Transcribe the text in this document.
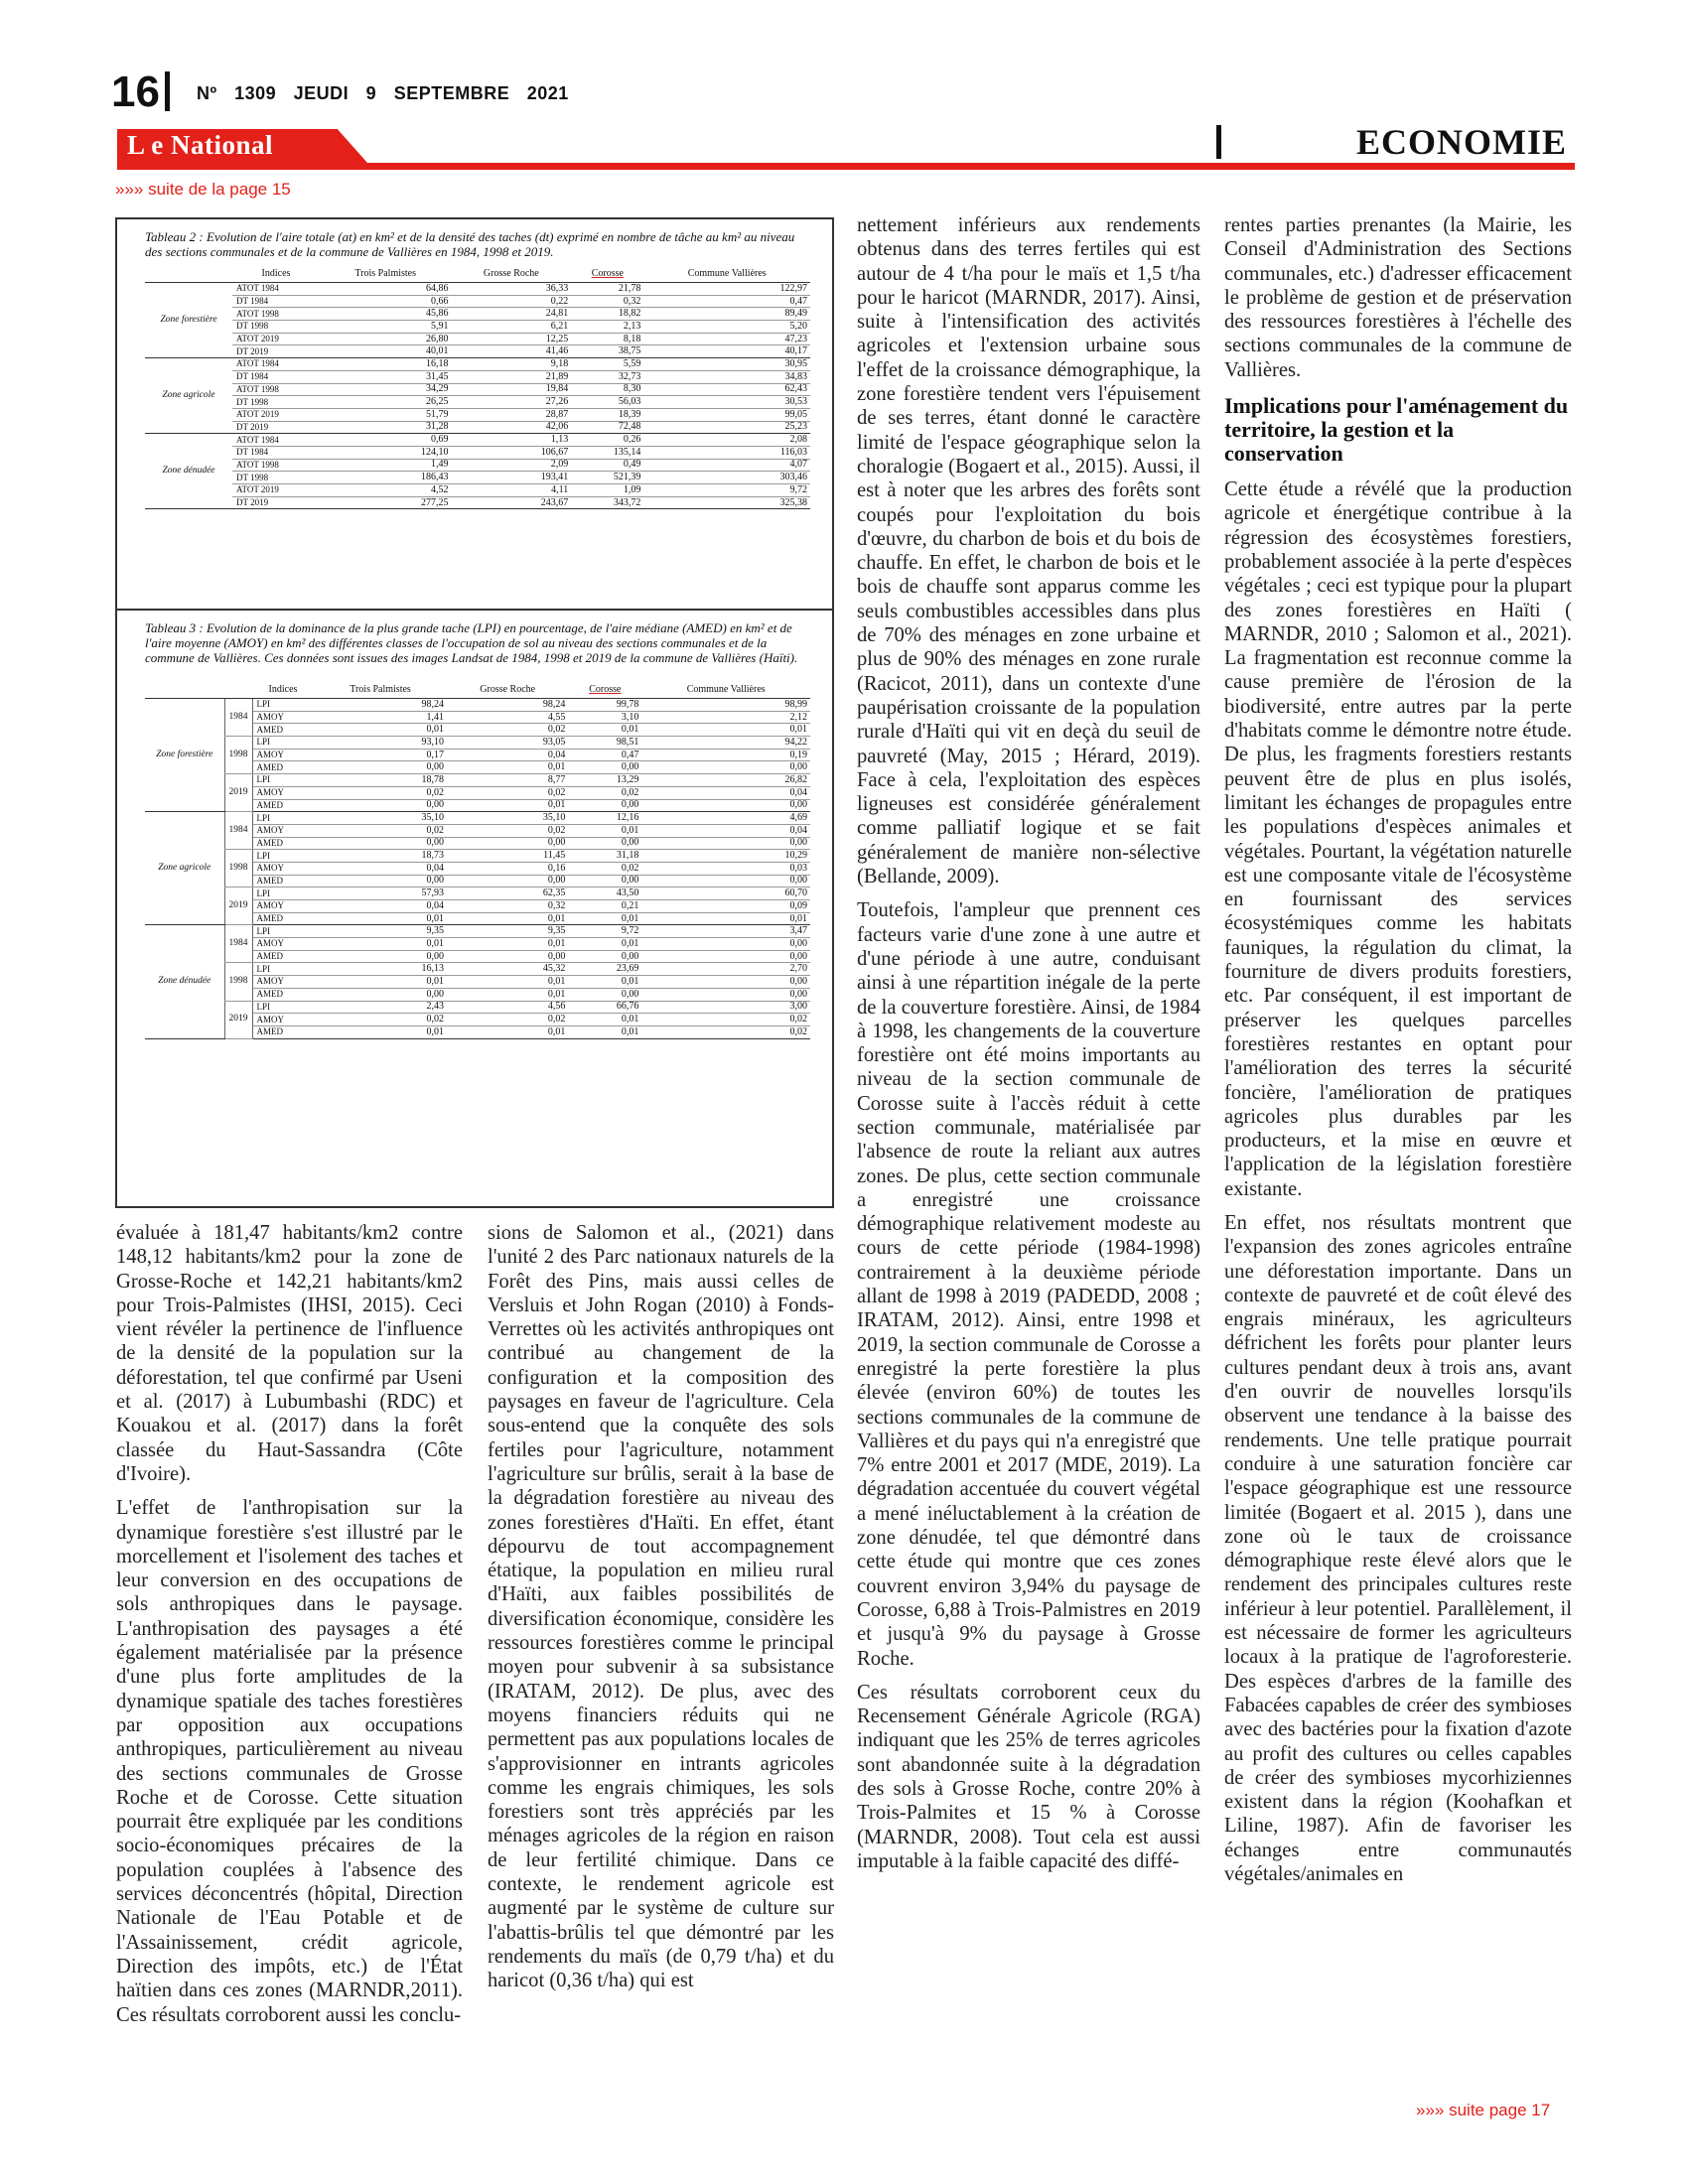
16 Nº 1309 JEUDI 9 SEPTEMBRE 2021
L e National	ECONOMIE
»»» suite de la page 15
Tableau 2 : Evolution de l'aire totale (at) en km² et de la densité des taches (dt) exprimé en nombre de tâche au km² au niveau des sections communales et de la commune de Vallières en 1984, 1998 et 2019.
	Indices	Trois Palmistes	Grosse Roche	Corosse	Commune Vallières
Zone forestière	ATOT 1984	64,86	36,33	21,78	122,97
	DT 1984	0,66	0,22	0,32	0,47
	ATOT 1998	45,86	24,81	18,82	89,49
	DT 1998	5,91	6,21	2,13	5,20
	ATOT 2019	26,80	12,25	8,18	47,23
	DT 2019	40,01	41,46	38,75	40,17
Zone agricole	ATOT 1984	16,18	9,18	5,59	30,95
	DT 1984	31,45	21,89	32,73	34,83
	ATOT 1998	34,29	19,84	8,30	62,43
	DT 1998	26,25	27,26	56,03	30,53
	ATOT 2019	51,79	28,87	18,39	99,05
	DT 2019	31,28	42,06	72,48	25,23
Zone dénudée	ATOT 1984	0,69	1,13	0,26	2,08
	DT 1984	124,10	106,67	135,14	116,03
	ATOT 1998	1,49	2,09	0,49	4,07
	DT 1998	186,43	193,41	521,39	303,46
	ATOT 2019	4,52	4,11	1,09	9,72
	DT 2019	277,25	243,67	343,72	325,38
Tableau 3 : Evolution de la dominance de la plus grande tache (LPI) en pourcentage, de l'aire médiane (AMED) en km² et de l'aire moyenne (AMOY) en km² des différentes classes de l'occupation de sol au niveau des sections communales et de la commune de Vallières. Ces données sont issues des images Landsat de 1984, 1998 et 2019 de la commune de Vallières (Haïti).
		Indices	Trois Palmistes	Grosse Roche	Corosse	Commune Vallières
Zone forestière	1984	LPI	98,24	98,24	99,78	98,99
		AMOY	1,41	4,55	3,10	2,12
		AMED	0,01	0,02	0,01	0,01
	1998	LPI	93,10	93,05	98,51	94,22
		AMOY	0,17	0,04	0,47	0,19
		AMED	0,00	0,01	0,00	0,00
	2019	LPI	18,78	8,77	13,29	26,82
		AMOY	0,02	0,02	0,02	0,04
		AMED	0,00	0,01	0,00	0,00
Zone agricole	1984	LPI	35,10	35,10	12,16	4,69
		AMOY	0,02	0,02	0,01	0,04
		AMED	0,00	0,00	0,00	0,00
	1998	LPI	18,73	11,45	31,18	10,29
		AMOY	0,04	0,16	0,02	0,03
		AMED	0,00	0,00	0,00	0,00
	2019	LPI	57,93	62,35	43,50	60,70
		AMOY	0,04	0,32	0,21	0,09
		AMED	0,01	0,01	0,01	0,01
Zone dénudée	1984	LPI	9,35	9,35	9,72	3,47
		AMOY	0,01	0,01	0,01	0,00
		AMED	0,00	0,00	0,00	0,00
	1998	LPI	16,13	45,32	23,69	2,70
		AMOY	0,01	0,01	0,01	0,00
		AMED	0,00	0,01	0,00	0,00
	2019	LPI	2,43	4,56	66,76	3,00
		AMOY	0,02	0,02	0,01	0,02
		AMED	0,01	0,01	0,01	0,02

évaluée à 181,47 habitants/km2 contre 148,12 habitants/km2 pour la zone de Grosse-Roche et 142,21 habitants/km2 pour Trois-Palmistes (IHSI, 2015). Ceci vient révéler la pertinence de l'influence de la densité de la population sur la déforestation, tel que confirmé par Useni et al. (2017) à Lubumbashi (RDC) et Kouakou et al. (2017) dans la forêt classée du Haut-Sassandra (Côte d'Ivoire).

L'effet de l'anthropisation sur la dynamique forestière s'est illustré par le morcellement et l'isolement des taches et leur conversion en des occupations de sols anthropiques dans le paysage. L'anthropisation des paysages a été également matérialisée par la présence d'une plus forte amplitudes de la dynamique spatiale des taches forestières par opposition aux occupations anthropiques, particulièrement au niveau des sections communales de Grosse Roche et de Corosse. Cette situation pourrait être expliquée par les conditions socio-économiques précaires de la population couplées à l'absence des services déconcentrés (hôpital, Direction Nationale de l'Eau Potable et de l'Assainissement, crédit agricole, Direction des impôts, etc.) de l'État haïtien dans ces zones (MARNDR,2011). Ces résultats corroborent aussi les conclu-

sions de Salomon et al., (2021) dans l'unité 2 des Parc nationaux naturels de la Forêt des Pins, mais aussi celles de Versluis et John Rogan (2010) à Fonds-Verrettes où les activités anthropiques ont contribué au changement de la configuration et la composition des paysages en faveur de l'agriculture. Cela sous-entend que la conquête des sols fertiles pour l'agriculture, notamment l'agriculture sur brûlis, serait à la base de la dégradation forestière au niveau des zones forestières d'Haïti. En effet, étant dépourvu de tout accompagnement étatique, la population en milieu rural d'Haïti, aux faibles possibilités de diversification économique, considère les ressources forestières comme le principal moyen pour subvenir à sa subsistance (IRATAM, 2012). De plus, avec des moyens financiers réduits qui ne permettent pas aux populations locales de s'approvisionner en intrants agricoles comme les engrais chimiques, les sols forestiers sont très appréciés par les ménages agricoles de la région en raison de leur fertilité chimique. Dans ce contexte, le rendement agricole est augmenté par le système de culture sur l'abattis-brûlis tel que démontré par les rendements du maïs (de 0,79 t/ha) et du haricot (0,36 t/ha) qui est

nettement inférieurs aux rendements obtenus dans des terres fertiles qui est autour de 4 t/ha pour le maïs et 1,5 t/ha pour le haricot (MARNDR, 2017). Ainsi, suite à l'intensification des activités agricoles et l'extension urbaine sous l'effet de la croissance démographique, la zone forestière tendent vers l'épuisement de ses terres, étant donné le caractère limité de l'espace géographique selon la choralogie (Bogaert et al., 2015). Aussi, il est à noter que les arbres des forêts sont coupés pour l'exploitation du bois d'œuvre, du charbon de bois et du bois de chauffe. En effet, le charbon de bois et le bois de chauffe sont apparus comme les seuls combustibles accessibles dans plus de 70% des ménages en zone urbaine et plus de 90% des ménages en zone rurale (Racicot, 2011), dans un contexte d'une paupérisation croissante de la population rurale d'Haïti qui vit en deçà du seuil de pauvreté (May, 2015 ; Hérard, 2019). Face à cela, l'exploitation des espèces ligneuses est considérée généralement comme palliatif logique et se fait généralement de manière non-sélective (Bellande, 2009).

Toutefois, l'ampleur que prennent ces facteurs varie d'une zone à une autre et d'une période à une autre, conduisant ainsi à une répartition inégale de la perte de la couverture forestière. Ainsi, de 1984 à 1998, les changements de la couverture forestière ont été moins importants au niveau de la section communale de Corosse suite à l'accès réduit à cette section communale, matérialisée par l'absence de route la reliant aux autres zones. De plus, cette section communale a enregistré une croissance démographique relativement modeste au cours de cette période (1984-1998) contrairement à la deuxième période allant de 1998 à 2019 (PADEDD, 2008 ; IRATAM, 2012). Ainsi, entre 1998 et 2019, la section communale de Corosse a enregistré la perte forestière la plus élevée (environ 60%) de toutes les sections communales de la commune de Vallières et du pays qui n'a enregistré que 7% entre 2001 et 2017 (MDE, 2019). La dégradation accentuée du couvert végétal a mené inéluctablement à la création de zone dénudée, tel que démontré dans cette étude qui montre que ces zones couvrent environ 3,94% du paysage de Corosse, 6,88 à Trois-Palmistres en 2019 et jusqu'à 9% du paysage à Grosse Roche.

Ces résultats corroborent ceux du Recensement Générale Agricole (RGA) indiquant que les 25% de terres agricoles sont abandonnée suite à la dégradation des sols à Grosse Roche, contre 20% à Trois-Palmites et 15 % à Corosse (MARNDR, 2008). Tout cela est aussi imputable à la faible capacité des diffé-

rentes parties prenantes (la Mairie, les Conseil d'Administration des Sections communales, etc.) d'adresser efficacement le problème de gestion et de préservation des ressources forestières à l'échelle des sections communales de la commune de Vallières.

Implications pour l'aménagement du territoire, la gestion et la conservation

Cette étude a révélé que la production agricole et énergétique contribue à la régression des écosystèmes forestiers, probablement associée à la perte d'espèces végétales ; ceci est typique pour la plupart des zones forestières en Haïti ( MARNDR, 2010 ; Salomon et al., 2021). La fragmentation est reconnue comme la cause première de l'érosion de la biodiversité, entre autres par la perte d'habitats comme le démontre notre étude. De plus, les fragments forestiers restants peuvent être de plus en plus isolés, limitant les échanges de propagules entre les populations d'espèces animales et végétales. Pourtant, la végétation naturelle est une composante vitale de l'écosystème en fournissant des services écosystémiques comme les habitats fauniques, la régulation du climat, la fourniture de divers produits forestiers, etc. Par conséquent, il est important de préserver les quelques parcelles forestières restantes en optant pour l'amélioration des terres la sécurité foncière, l'amélioration de pratiques agricoles plus durables par les producteurs, et la mise en œuvre et l'application de la législation forestière existante.

En effet, nos résultats montrent que l'expansion des zones agricoles entraîne une déforestation importante. Dans un contexte de pauvreté et de coût élevé des engrais minéraux, les agriculteurs défrichent les forêts pour planter leurs cultures pendant deux à trois ans, avant d'en ouvrir de nouvelles lorsqu'ils observent une tendance à la baisse des rendements. Une telle pratique pourrait conduire à une saturation foncière car l'espace géographique est une ressource limitée (Bogaert et al. 2015 ), dans une zone où le taux de croissance démographique reste élevé alors que le rendement des principales cultures reste inférieur à leur potentiel. Parallèlement, il est nécessaire de former les agriculteurs locaux à la pratique de l'agroforesterie. Des espèces d'arbres de la famille des Fabacées capables de créer des symbioses avec des bactéries pour la fixation d'azote au profit des cultures ou celles capables de créer des symbioses mycorhiziennes existent dans la région (Koohafkan et Liline, 1987). Afin de favoriser les échanges entre communautés végétales/animales en

»»» suite page 17
